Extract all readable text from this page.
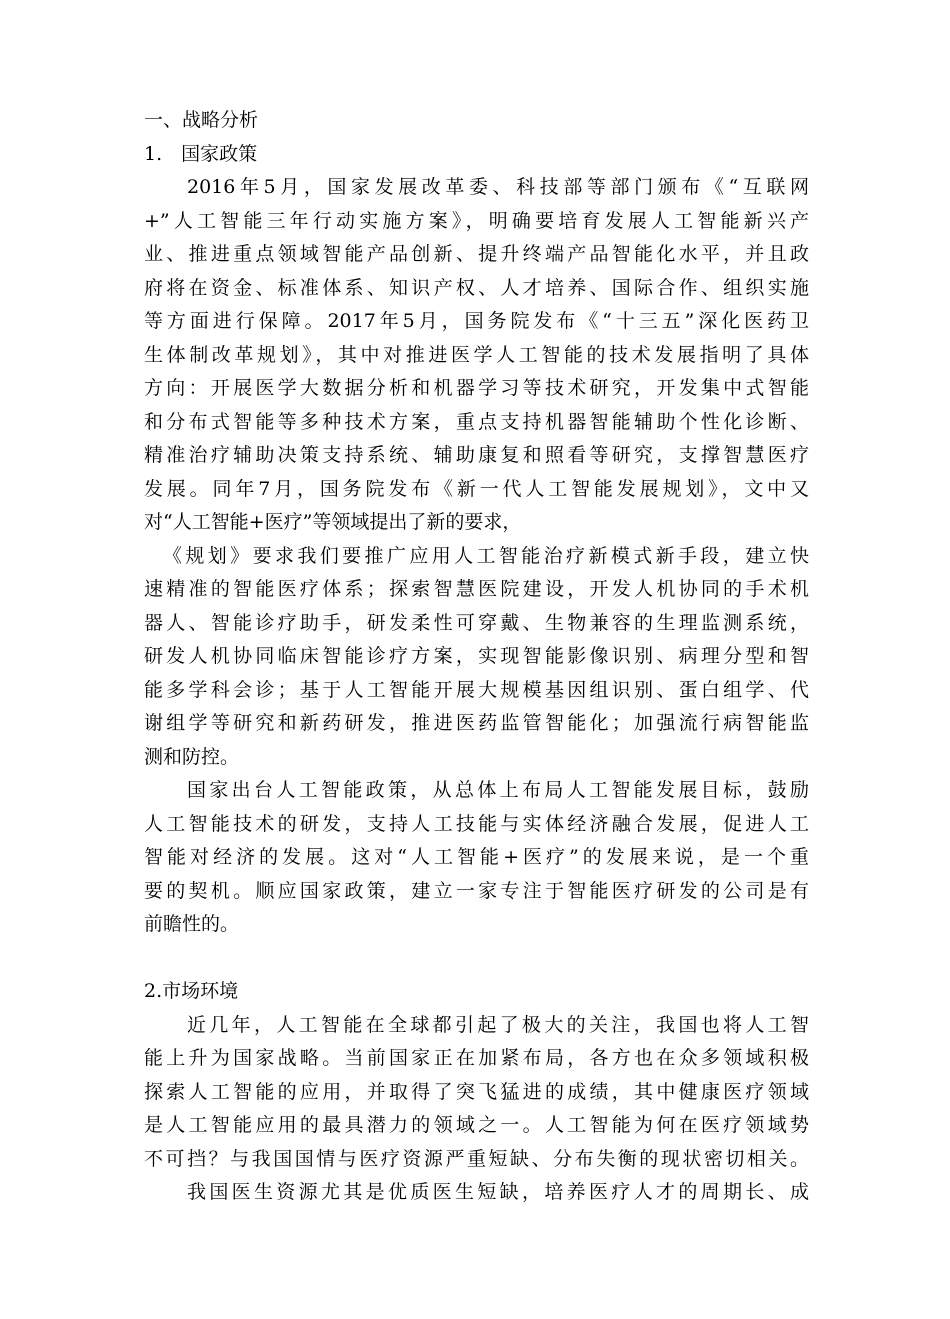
一、战略分析
1.　国家政策
2016年5月，国家发展改革委、科技部等部门颁布《“互联网
+”人工智能三年行动实施方案》，明确要培育发展人工智能新兴产
业、推进重点领域智能产品创新、提升终端产品智能化水平，并且政
府将在资金、标准体系、知识产权、人才培养、国际合作、组织实施
等方面进行保障。2017年5月，国务院发布《“十三五”深化医药卫
生体制改革规划》，其中对推进医学人工智能的技术发展指明了具体
方向：开展医学大数据分析和机器学习等技术研究，开发集中式智能
和分布式智能等多种技术方案，重点支持机器智能辅助个性化诊断、
精准治疗辅助决策支持系统、辅助康复和照看等研究，支撑智慧医疗
发展。同年7月，国务院发布《新一代人工智能发展规划》，文中又
对“人工智能+医疗”等领域提出了新的要求，
《规划》要求我们要推广应用人工智能治疗新模式新手段，建立快
速精准的智能医疗体系；探索智慧医院建设，开发人机协同的手术机
器人、智能诊疗助手，研发柔性可穿戴、生物兼容的生理监测系统，
研发人机协同临床智能诊疗方案，实现智能影像识别、病理分型和智
能多学科会诊；基于人工智能开展大规模基因组识别、蛋白组学、代
谢组学等研究和新药研发，推进医药监管智能化；加强流行病智能监
测和防控。
国家出台人工智能政策，从总体上布局人工智能发展目标，鼓励
人工智能技术的研发，支持人工技能与实体经济融合发展，促进人工
智能对经济的发展。这对“人工智能+医疗”的发展来说，是一个重
要的契机。顺应国家政策，建立一家专注于智能医疗研发的公司是有
前瞻性的。
2.市场环境
近几年，人工智能在全球都引起了极大的关注，我国也将人工智
能上升为国家战略。当前国家正在加紧布局，各方也在众多领域积极
探索人工智能的应用，并取得了突飞猛进的成绩，其中健康医疗领域
是人工智能应用的最具潜力的领域之一。人工智能为何在医疗领域势
不可挡？与我国国情与医疗资源严重短缺、分布失衡的现状密切相关。
我国医生资源尤其是优质医生短缺，培养医疗人才的周期长、成
